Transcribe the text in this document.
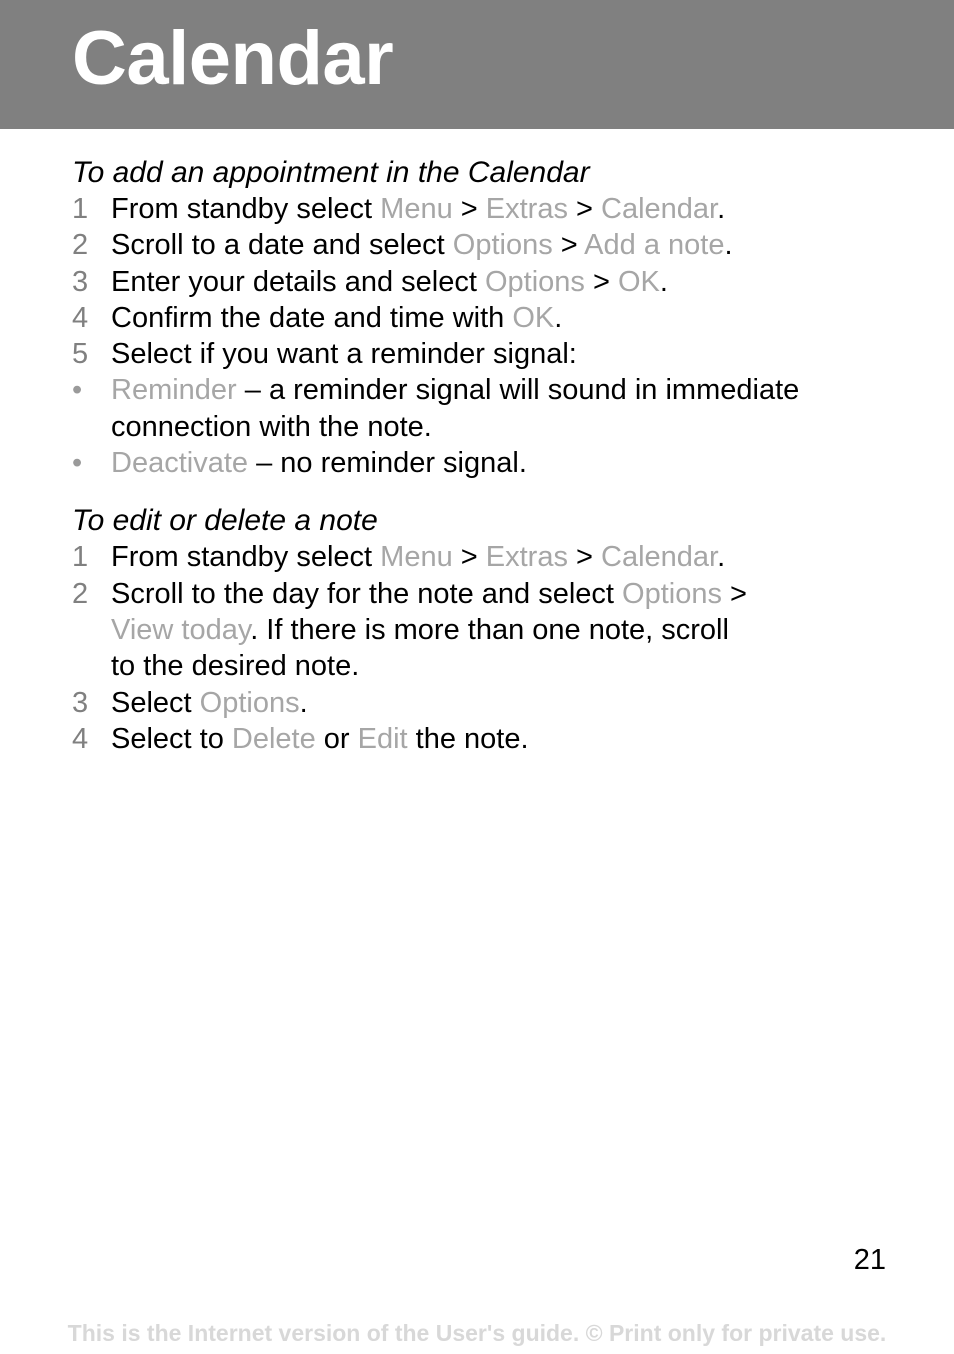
Calendar
To add an appointment in the Calendar
1 From standby select Menu > Extras > Calendar.
2 Scroll to a date and select Options > Add a note.
3 Enter your details and select Options > OK.
4 Confirm the date and time with OK.
5 Select if you want a reminder signal:
• Reminder – a reminder signal will sound in immediate connection with the note.
• Deactivate – no reminder signal.
To edit or delete a note
1 From standby select Menu > Extras > Calendar.
2 Scroll to the day for the note and select Options >
View today. If there is more than one note, scroll
to the desired note.
3 Select Options.
4 Select to Delete or Edit the note.
21
This is the Internet version of the User's guide. © Print only for private use.
